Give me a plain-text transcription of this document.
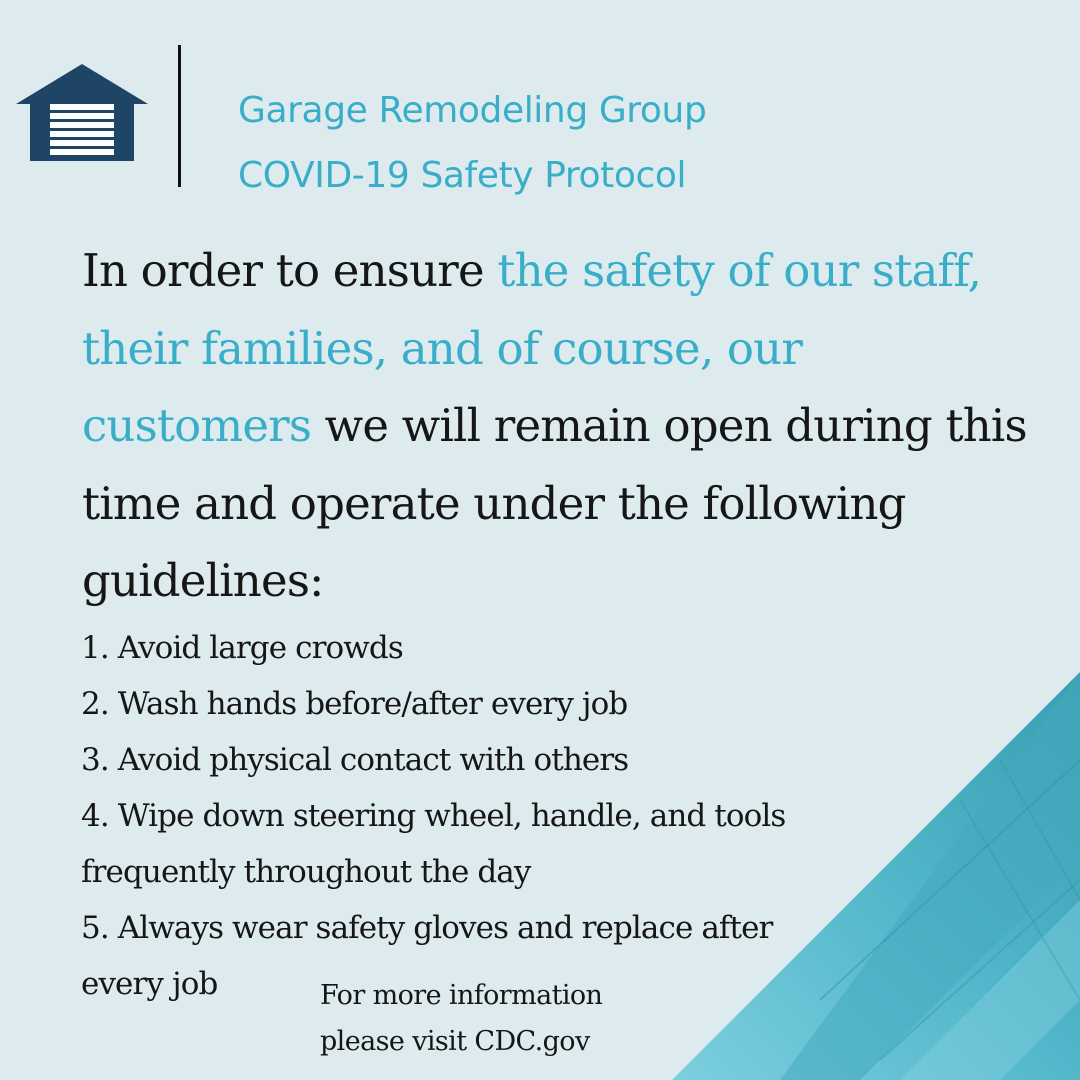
Garage Remodeling Group
COVID-19 Safety Protocol

In order to ensure the safety of our staff, their families, and of course, our customers we will remain open during this time and operate under the following guidelines:

1. Avoid large crowds
2. Wash hands before/after every job
3. Avoid physical contact with others
4. Wipe down steering wheel, handle, and tools frequently throughout the day
5. Always wear safety gloves and replace after every job	For more information
please visit CDC.gov
